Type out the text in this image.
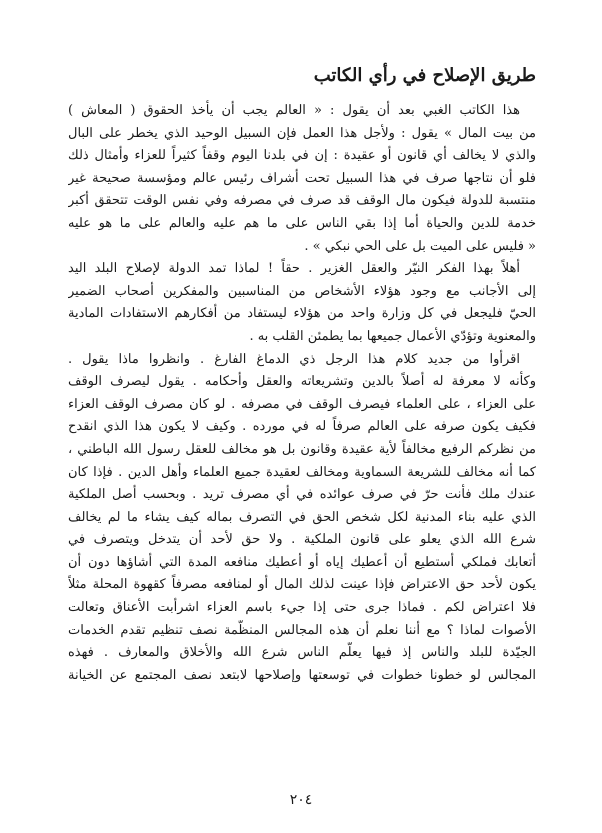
طريق الإصلاح في رأي الكاتب
هذا الكاتب الغبي بعد أن يقول : « العالم يجب أن يأخذ الحقوق ( المعاش )
من بيت المال » يقول : ولأجل هذا العمل فإن السبيل الوحيد الذي يخطر على البال
والذي لا يخالف أي قانون أو عقيدة : إن في بلدنا اليوم وقفاً كثيراً للعزاء وأمثال ذلك
فلو أن نتاجها صرف في هذا السبيل تحت أشراف رئيس عالم ومؤسسة صحيحة غير
منتسبة للدولة فيكون مال الوقف قد صرف في مصرفه وفي نفس الوقت تتحقق أكبر
خدمة للدين والحياة أما إذا بقي الناس على ما هم عليه والعالم على ما هو عليه
« فليس على الميت بل على الحي نبكي » .
أهلاً بهذا الفكر النيّر والعقل الغزير . حقاً ! لماذا تمد الدولة لإصلاح البلد اليد
إلى الأجانب مع وجود هؤلاء الأشخاص من المناسبين والمفكرين أصحاب الضمير
الحيّ فليجعل في كل وزارة واحد من هؤلاء ليستفاد من أفكارهم الاستفادات المادية
والمعنوية وتؤدّي الأعمال جميعها بما يطمئن القلب به .
اقرأوا من جديد كلام هذا الرجل ذي الدماغ الفارغ . وانظروا ماذا يقول .
وكأنه لا معرفة له أصلاً بالدين وتشريعاته والعقل وأحكامه . يقول ليصرف الوقف
على العزاء ، على العلماء فيصرف الوقف في مصرفه . لو كان مصرف الوقف العزاء
فكيف يكون صرفه على العالم صرفاً له في مورده . وكيف لا يكون هذا الذي انقدح
من نظركم الرفيع مخالفاً لأية عقيدة وقانون بل هو مخالف للعقل رسول الله الباطني ،
كما أنه مخالف للشريعة السماوية ومخالف لعقيدة جميع العلماء وأهل الدين . فإذا كان
عندك ملك فأنت حرّ في صرف عوائده في أي مصرف تريد . وبحسب أصل الملكية
الذي عليه بناء المدنية لكل شخص الحق في التصرف بماله كيف يشاء ما لم يخالف
شرع الله الذي يعلو على قانون الملكية . ولا حق لأحد أن يتدخل ويتصرف في
أتعابك فملكي أستطيع أن أعطيك إياه أو أعطيك منافعه المدة التي أشاؤها دون أن
يكون لأحد حق الاعتراض فإذا عينت لذلك المال أو لمنافعه مصرفاً كقهوة المحلة مثلاً
فلا اعتراض لكم . فماذا جرى حتى إذا جيء باسم العزاء اشرأبت الأعناق وتعالت
الأصوات لماذا ؟ مع أننا نعلم أن هذه المجالس المنظّمة نصف تنظيم تقدم الخدمات
الجيّدة للبلد والناس إذ فيها يعلّم الناس شرع الله والأخلاق والمعارف . فهذه
المجالس لو خطونا خطوات في توسعتها وإصلاحها لابتعد نصف المجتمع عن الخيانة
٢٠٤
